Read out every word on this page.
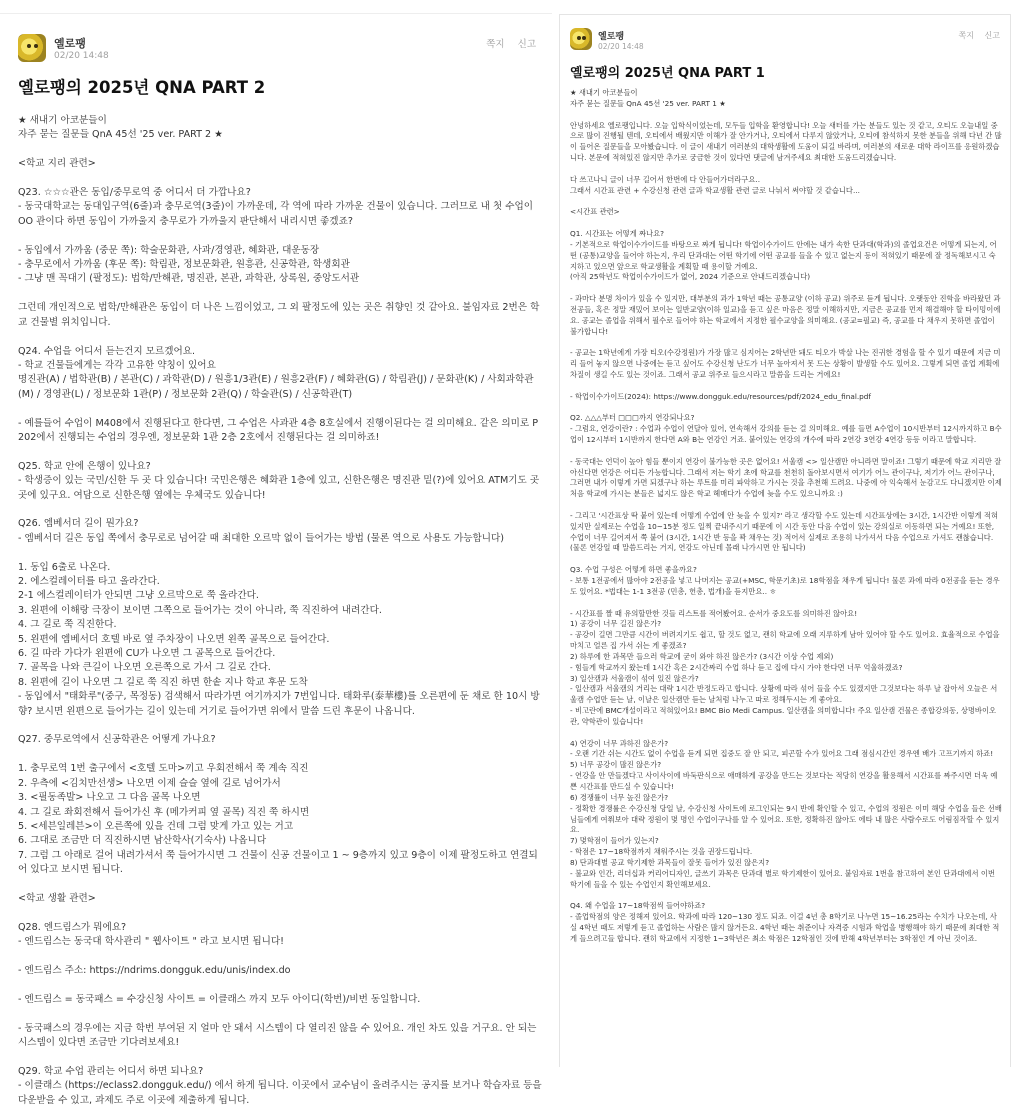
옐로팽
02/20 14:48
쪽지 신고
옐로팽의 2025년 QNA PART 2

★ 새내기 아코분들이
자주 묻는 질문들 QnA 45선 '25 ver. PART 2 ★

<학교 지리 관련>

Q23. ☆☆☆관은 동입/중무로역 중 어디서 더 가깝나요?
- 동국대학교는 동대입구역(6줄)과 충무로역(3줄)이 가까운데, 각 역에 따라 가까운 건물이 있습니다. 그러므로 내 첫 수업이 OO 관이다 하면 동입이 가까울지 충무로가 가까울지 판단해서 내리시면 좋겠죠?

- 동입에서 가까움 (중문 쪽): 학술문화관, 사과/경영관, 혜화관, 대운동장
- 충무로에서 가까움 (후문 쪽): 학림관, 정보문화관, 원흥관, 신공학관, 학생회관
- 그냥 맨 꼭대기 (팔정도): 법학/만해관, 명진관, 본관, 과학관, 상록원, 중앙도서관

그런데 개인적으로 법학/만해관은 동입이 더 나은 느낌이었고, 그 외 팔정도에 있는 곳은 취향인 것 같아요. 불임자료 2번은 학교 건물별 위치입니다.

Q24. 수업을 어디서 듣는건지 모르겠어요.
- 학교 건물들에게는 각각 고유한 약칭이 있어요
명진관(A) / 법학관(B) / 본관(C) / 과학관(D) / 원흥1/3관(E) / 원흥2관(F) / 혜화관(G) / 학림관(J) / 문화관(K) / 사회과학관(M) / 경영관(L) / 정보문화 1관(P) / 정보문화 2관(Q) / 학술관(S) / 신공학관(T)

- 예를들어 수업이 M408에서 진행된다고 한다면, 그 수업은 사과관 4층 8호실에서 진행이된다는 걸 의미해요. 같은 의미로 P202에서 진행되는 수업의 경우엔, 정보문화 1관 2층 2호에서 진행된다는 걸 의미하죠!

Q25. 학교 안에 은행이 있나요?
- 학생증이 있는 국민/신한 두 곳 다 있습니다! 국민은행은 혜화관 1층에 있고, 신한은행은 명진관 밑(?)에 있어요 ATM기도 곳곳에 있구요. 여담으로 신한은행 옆에는 우체국도 있습니다!

Q26. 엠베서더 길이 뭔가요?
- 엠베서더 길은 동입 쪽에서 충무로로 넘어갈 때 최대한 오르막 없이 들어가는 방법 (물론 역으로 사용도 가능합니다)

1. 동입 6출로 나온다.
2. 에스컬레이터를 타고 올라간다.
2-1 에스컬레이터가 안되면 그냥 오르막으로 쭉 올라간다.
3. 왼편에 이해랑 극장이 보이면 그쪽으로 들어가는 것이 아니라, 쭉 직진하여 내려간다.
4. 그 길로 쭉 직진한다.
5. 왼편에 엠베서더 호텔 바로 옆 주차장이 나오면 왼쪽 골목으로 들어간다.
6. 길 따라 가다가 왼편에 CU가 나오면 그 골목으로 들어간다.
7. 골목을 나와 큰길이 나오면 오른쪽으로 가서 그 길로 간다.
8. 왼편에 길이 나오면 그 길로 쭉 직진 하면 한솥 지나 학교 후문 도착
- 동입에서 "태화루"(중구, 목정동) 검색해서 따라가면 여기까지가 7번입니다. 태화루(泰華樓)를 오른편에 둔 채로 한 10시 방향? 보시면 왼편으로 들어가는 길이 있는데 거기로 들어가면 위에서 말씀 드린 후문이 나옵니다.

Q27. 중무로역에서 신공학관은 어떻게 가나요?

1. 충무로역 1번 출구에서 <호텔 도마>끼고 우회전해서 쭉 계속 직진
2. 우측에 <김치만선생> 나오면 이제 슬슬 옆에 길로 넘어가서
3. <필동족발> 나오고 그 다음 골목 나오면
4. 그 길로 좌회전해서 들어가신 후 (메가커피 옆 골목) 직진 쭉 하시면
5. <세븐일레븐>이 오른쪽에 있을 건데 그럼 맞게 가고 있는 거고
6. 그대로 조금만 더 직진하시면 남산학사(기숙사) 나옵니다
7. 그럼 그 아래로 걸어 내려가셔서 쭉 들어가시면 그 건물이 신공 건물이고 1 ~ 9층까지 있고 9층이 이제 팔정도하고 연결되어 있다고 보시면 됩니다.

<학교 생활 관련>

Q28. 엔드림스가 뭐에요?
- 엔드림스는 동국대 학사관리 " 웹사이트 " 라고 보시면 됩니다!

- 엔드림스 주소: https://ndrims.dongguk.edu/unis/index.do

- 엔드림스 = 동국패스 = 수강신청 사이트 = 이클래스 까지 모두 아이디(학번)/비번 동일합니다.

- 동국패스의 경우에는 지금 학번 부여된 지 얼마 안 돼서 시스템이 다 열리진 않을 수 있어요. 개인 차도 있을 거구요. 안 되는 시스템이 있다면 조금만 기다려보세요!

Q29. 학교 수업 관리는 어디서 하면 되나요?
- 이클래스 (https://eclass2.dongguk.edu/) 에서 하게 됩니다. 이곳에서 교수님이 올려주시는 공지를 보거나 학습자료 등을 다운받을 수 있고, 과제도 주로 이곳에 제출하게 됩니다.

옐로팽
02/20 14:48
쪽지 신고
옐로팽의 2025년 QNA PART 1

★ 새내기 아코분들이
자주 묻는 질문들 QnA 45선 '25 ver. PART 1 ★

안녕하세요 옐로팽입니다. 오늘 입학식이었는데, 모두들 입학을 환영합니다! 오늘 새터를 가는 분들도 있는 것 같고, 오티도 오늘내일 중으로 많이 진행될 텐데, 오티에서 배웠지만 이해가 잘 안가거나, 오티에서 다루지 않았거나, 오티에 참석하지 못한 분들을 위해 다년 간 많이 들어온 질문들을 모아봤습니다. 이 글이 새내기 여러분의 대학생활에 도움이 되길 바라며, 여러분의 새로운 대학 라이프를 응원하겠습니다. 본문에 적혀있진 않지만 추가로 궁금한 것이 있다면 댓글에 남겨주세요 최대한 도움드리겠습니다.

다 쓰고나니 글이 너무 길어서 한번에 다 안들어가더라구요..
그래서 시간표 관련 + 수강신청 관련 글과 학교생활 관련 글로 나눠서 써야할 것 같습니다...

<시간표 관련>

Q1. 시간표는 어떻게 짜나요?
- 기본적으로 학업이수가이드를 바탕으로 짜게 됩니다! 학업이수가이드 안에는 내가 속한 단과대(학과)의 졸업요건은 어떻게 되는지, 어떤 (공통)교양을 들어야 하는지, 우리 단과대는 어떤 학기에 어떤 공교를 들을 수 있고 없는지 등이 적혀있기 때문에 잘 정독해보시고 숙지하고 있으면 앞으로 학교생활을 계획할 때 용이할 거예요.
(아직 25학년도 학업이수가이드가 없어, 2024 기준으로 안내드리겠습니다)

- 과마다 분명 차이가 있을 수 있지만, 대부분의 과가 1학년 때는 공통교양 (이하 공교) 위주로 듣게 됩니다. 오랫동안 진학을 바라왔던 과 전공들, 혹은 정말 재밌어 보이는 일반교양(이하 일교)을 듣고 싶은 마음은 정말 이해하지만, 지금은 공교를 먼저 해결해야 할 타이밍이에요. 공교는 졸업을 위해서 필수로 들어야 하는 학교에서 지정한 필수교양을 의미해요. (공교=필교) 즉, 공교를 다 채우지 못하면 졸업이 불가합니다!

- 공교는 1학년에게 가장 티오(수강정원)가 가장 많고 심지어는 2학년만 돼도 티오가 박살 나는 진귀한 경험을 할 수 있기 때문에 지금 미리 들어 놓지 않으면 나중에는 듣고 싶어도 수강신청 난도가 너무 높아져서 못 드는 상황이 발생할 수도 있어요. 그렇게 되면 졸업 계획에 차질이 생길 수도 있는 것이죠. 그래서 공교 위주로 들으시라고 말씀을 드리는 거에요!

- 학업이수가이드(2024): https://www.dongguk.edu/resources/pdf/2024_edu_final.pdf

Q2. △△△부터 □□□까지 연강되나요?
- 그럼요, 연강이란? : 수업과 수업이 연달아 있어, 연속해서 강의를 듣는 걸 의미해요. 예를 들면 A수업이 10시반부터 12시까지하고 B수업이 12시부터 1시반까지 한다면 A와 B는 연강인 거죠. 붙어있는 연강의 개수에 따라 2연강 3연강 4연강 등등 이라고 말합니다.

- 동국대는 언덕이 높아 힘들 뿐이지 연강이 불가능한 곳은 없어요! 서울캠 <> 일산캠만 아니라면 말이죠! 그렇기 때문에 학교 지리만 잘 아신다면 연강은 어디든 가능합니다. 그래서 저는 학기 초에 학교를 천천히 돌아보시면서 여기가 어느 관이구나, 저기가 어느 관이구나, 그러면 내가 이렇게 가면 되겠구나 하는 루트를 미리 파악하고 가시는 것을 추천해 드려요. 나중에 아 익숙해서 눈감고도 다니겠지만 이제 처음 학교에 가시는 분들은 넓지도 않은 학교 헤매다가 수업에 늦을 수도 있으니까요 :)

- 그리고 '시간표상 딱 붙어 있는데 어떻게 수업에 안 늦을 수 있지?' 라고 생각할 수도 있는데 시간표상에는 3시간, 1시간반 이렇게 적혀 있지만 실제로는 수업을 10~15분 정도 일찍 끝내주시기 때문에 이 시간 동안 다음 수업이 있는 강의실로 이동하면 되는 거예요! 또한, 수업이 너무 길어져서 쭉 붙어 (3시간, 1시간 반 등을 꽉 채우는 것) 적어서 실제로 조용히 나가셔서 다음 수업으로 가셔도 괜찮습니다. (물론 연강일 때 말씀드리는 거지, 연강도 아닌데 몰래 나가시면 안 됩니다)

Q3. 수업 구성은 어떻게 하면 좋을까요?
- 보통 1전공에서 많아야 2전공을 넣고 나머지는 공교(+MSC, 학문기초)로 18학점을 채우게 됩니다! 물론 과에 따라 0전공을 듣는 경우도 있어요. *법대는 1-1 3전공 (민총, 헌총, 법개)을 듣지만요.. ㅎ

- 시간표를 짤 때 유의할만한 것들 리스트를 적어봤어요. 순서가 중요도를 의미하진 않아요!
1) 공강이 너무 길진 않은가?
- 공강이 길면 그만큼 시간이 버려지기도 쉽고, 할 것도 없고, 괜히 학교에 오래 지루하게 남아 있어야 할 수도 있어요. 효율적으로 수업을 마치고 얼른 집 가서 쉬는 게 좋겠죠?
2) 하루에 한 과목만 들으러 학교에 굳이 와야 하진 않은가? (3시간 이상 수업 제외)
- 힘들게 학교까지 왔는데 1시간 혹은 2시간짜리 수업 하나 듣고 집에 다시 가야 한다면 너무 억울하겠죠?
3) 일산캠과 서울캠이 섞여 있진 않은가?
- 일산캠과 서울캠의 거리는 대략 1시간 반정도라고 합니다. 상황에 따라 섞어 들을 수도 있겠지만 그것보다는 하루 날 잡아서 오늘은 서울캠 수업만 듣는 날, 이날은 일산캠만 듣는 날처럼 나누고 따로 정해두시는 게 좋아요.
- 비고란에 BMC개설이라고 적혀있어요! BMC Bio Medi Campus. 일산캠을 의미합니다! 주요 일산캠 건물은 종합강의동, 상명바이오관, 약학관이 있습니다!

4) 연강이 너무 과하진 않은가?
- 오랜 기간 쉬는 시간도 없이 수업을 듣게 되면 집중도 잘 안 되고, 피곤할 수가 있어요 그래 점심시간인 경우엔 배가 고프기까지 하죠!
5) 너무 공강이 많진 않은가?
- 연강을 안 만들겠다고 사이사이에 바둑판식으로 애매하게 공강을 만드는 것보다는 적당히 연강을 활용해서 시간표를 짜주시면 더욱 예쁜 시간표를 만드실 수 있습니다!
6) 경쟁률이 너무 높진 않은가?
- 정확한 경쟁률은 수강신청 당일 날, 수강신청 사이트에 로그인되는 9시 반에 확인할 수 있고, 수업의 정원은 이미 해당 수업을 들은 선배님들에게 여쭤보아 대략 정원이 몇 명인 수업이구나를 알 수 있어요. 또한, 정확하진 않아도 에타 내 많은 사람수로도 어림짐작할 수 있지요.
7) 몇학점이 들어가 있는지?
- 학점은 17~18학점까지 채워주시는 것을 권장드립니다.
8) 단과대별 공교 학기제한 과목들이 잘못 들어가 있진 않은지?
- 불교와 인간, 리더십과 커리어디자인, 글쓰기 과목은 단과대 별로 학기제한이 있어요. 붙임자료 1번을 참고하여 본인 단과대에서 이번 학기에 들을 수 있는 수업인지 확인해보세요.

Q4. 왜 수업을 17~18학점씩 들어야하죠?
- 졸업학점의 양은 정해져 있어요. 학과에 따라 120~130 정도 되죠. 이걸 4년 총 8학기로 나누면 15~16.25라는 수치가 나오는데, 사실 4학년 때도 저렇게 듣고 졸업하는 사람은 많지 않거든요. 4학년 때는 취준이나 자격증 시험과 학업을 병행해야 하기 때문에 최대한 적게 들으려고들 합니다. 괜히 학교에서 지정한 1~3학년은 최소 학점은 12학점인 것에 반해 4학년부터는 3학점인 게 아닌 것이죠.
